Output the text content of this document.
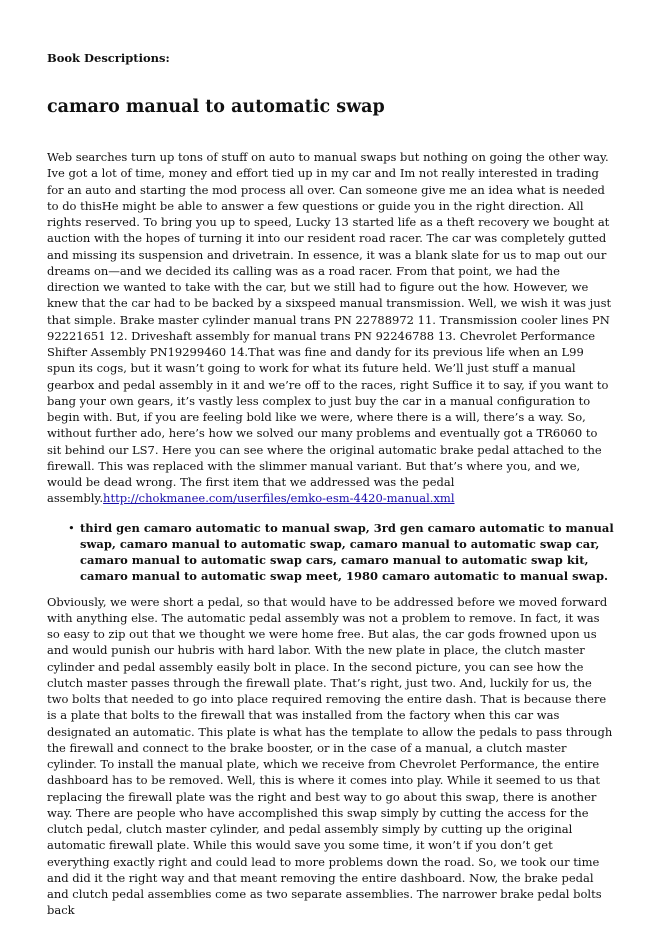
Book Descriptions:

camaro manual to automatic swap

Web searches turn up tons of stuff on auto to manual swaps but nothing on going the other way. Ive got a lot of time, money and effort tied up in my car and Im not really interested in trading for an auto and starting the mod process all over. Can someone give me an idea what is needed to do thisHe might be able to answer a few questions or guide you in the right direction. All rights reserved. To bring you up to speed, Lucky 13 started life as a theft recovery we bought at auction with the hopes of turning it into our resident road racer. The car was completely gutted and missing its suspension and drivetrain. In essence, it was a blank slate for us to map out our dreams on—and we decided its calling was as a road racer. From that point, we had the direction we wanted to take with the car, but we still had to figure out the how. However, we knew that the car had to be backed by a sixspeed manual transmission. Well, we wish it was just that simple. Brake master cylinder manual trans PN 22788972 11. Transmission cooler lines PN 92221651 12. Driveshaft assembly for manual trans PN 92246788 13. Chevrolet Performance Shifter Assembly PN19299460 14.That was fine and dandy for its previous life when an L99 spun its cogs, but it wasn’t going to work for what its future held. We’ll just stuff a manual gearbox and pedal assembly in it and we’re off to the races, right Suffice it to say, if you want to bang your own gears, it’s vastly less complex to just buy the car in a manual configuration to begin with. But, if you are feeling bold like we were, where there is a will, there’s a way. So, without further ado, here’s how we solved our many problems and eventually got a TR6060 to sit behind our LS7. Here you can see where the original automatic brake pedal attached to the firewall. This was replaced with the slimmer manual variant. But that’s where you, and we, would be dead wrong. The first item that we addressed was the pedal assembly.http://chokmanee.com/userfiles/emko-esm-4420-manual.xml

• third gen camaro automatic to manual swap, 3rd gen camaro automatic to manual swap, camaro manual to automatic swap, camaro manual to automatic swap car, camaro manual to automatic swap cars, camaro manual to automatic swap kit, camaro manual to automatic swap meet, 1980 camaro automatic to manual swap.

Obviously, we were short a pedal, so that would have to be addressed before we moved forward with anything else. The automatic pedal assembly was not a problem to remove. In fact, it was so easy to zip out that we thought we were home free. But alas, the car gods frowned upon us and would punish our hubris with hard labor. With the new plate in place, the clutch master cylinder and pedal assembly easily bolt in place. In the second picture, you can see how the clutch master passes through the firewall plate. That’s right, just two. And, luckily for us, the two bolts that needed to go into place required removing the entire dash. That is because there is a plate that bolts to the firewall that was installed from the factory when this car was designated an automatic. This plate is what has the template to allow the pedals to pass through the firewall and connect to the brake booster, or in the case of a manual, a clutch master cylinder. To install the manual plate, which we receive from Chevrolet Performance, the entire dashboard has to be removed. Well, this is where it comes into play. While it seemed to us that replacing the firewall plate was the right and best way to go about this swap, there is another way. There are people who have accomplished this swap simply by cutting the access for the clutch pedal, clutch master cylinder, and pedal assembly simply by cutting up the original automatic firewall plate. While this would save you some time, it won’t if you don’t get everything exactly right and could lead to more problems down the road. So, we took our time and did it the right way and that meant removing the entire dashboard. Now, the brake pedal and clutch pedal assemblies come as two separate assemblies. The narrower brake pedal bolts back
